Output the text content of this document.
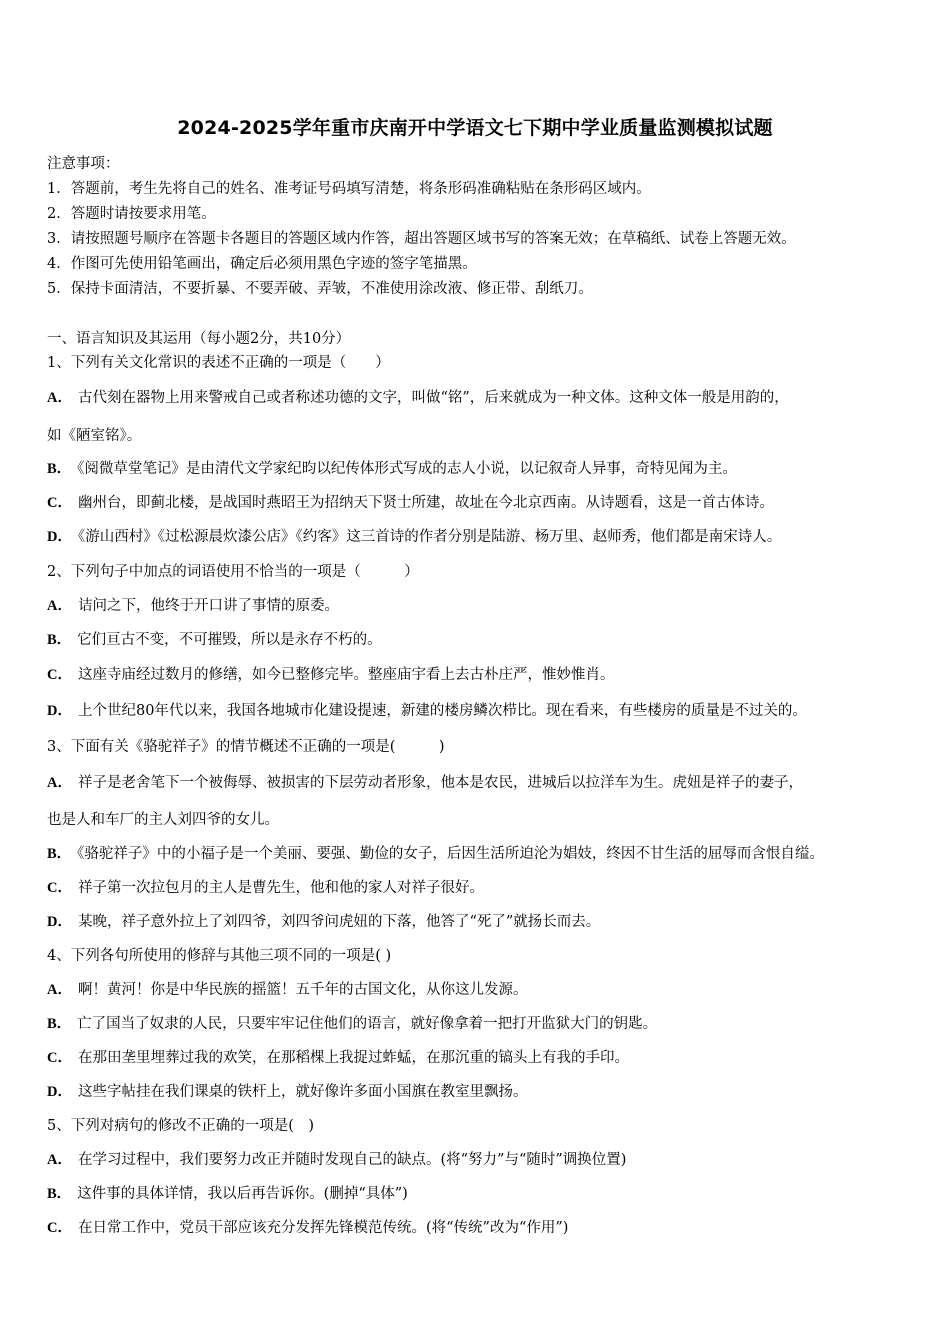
2024-2025学年重市庆南开中学语文七下期中学业质量监测模拟试题
注意事项：
1．答题前，考生先将自己的姓名、准考证号码填写清楚，将条形码准确粘贴在条形码区域内。
2．答题时请按要求用笔。
3．请按照题号顺序在答题卡各题目的答题区域内作答，超出答题区域书写的答案无效；在草稿纸、试卷上答题无效。
4．作图可先使用铅笔画出，确定后必须用黑色字迹的签字笔描黑。
5．保持卡面清洁，不要折暴、不要弄破、弄皱，不准使用涂改液、修正带、刮纸刀。
一、语言知识及其运用（每小题2分，共10分）
1、下列有关文化常识的表述不正确的一项是（　　）
A． 古代刻在器物上用来警戒自己或者称述功德的文字，叫做“铭”，后来就成为一种文体。这种文体一般是用韵的，
如《陋室铭》。
B． 《阅微草堂笔记》是由清代文学家纪昀以纪传体形式写成的志人小说，以记叙奇人异事，奇特见闻为主。
C． 幽州台，即蓟北楼，是战国时燕昭王为招纳天下贤士所建，故址在今北京西南。从诗题看，这是一首古体诗。
D． 《游山西村》《过松源晨炊漆公店》《约客》这三首诗的作者分别是陆游、杨万里、赵师秀，他们都是南宋诗人。
2、下列句子中加点的词语使用不恰当的一项是（　　　）
A． 诘问之下，他终于开口讲了事情的原委。
B． 它们亘古不变，不可摧毁，所以是永存不朽的。
C． 这座寺庙经过数月的修缮，如今已整修完毕。整座庙宇看上去古朴庄严，惟妙惟肖。
D． 上个世纪80年代以来，我国各地城市化建设提速，新建的楼房鳞次栉比。现在看来，有些楼房的质量是不过关的。
3、下面有关《骆驼祥子》的情节概述不正确的一项是(　　　)
A． 祥子是老舍笔下一个被侮辱、被损害的下层劳动者形象，他本是农民，进城后以拉洋车为生。虎妞是祥子的妻子，
也是人和车厂的主人刘四爷的女儿。
B． 《骆驼祥子》中的小福子是一个美丽、要强、勤俭的女子，后因生活所迫沦为娼妓，终因不甘生活的屈辱而含恨自缢。
C． 祥子第一次拉包月的主人是曹先生，他和他的家人对祥子很好。
D． 某晚，祥子意外拉上了刘四爷，刘四爷问虎妞的下落，他答了“死了”就扬长而去。
4、下列各句所使用的修辞与其他三项不同的一项是( )
A． 啊！黄河！你是中华民族的摇篮！五千年的古国文化，从你这儿发源。
B． 亡了国当了奴隶的人民，只要牢牢记住他们的语言，就好像拿着一把打开监狱大门的钥匙。
C． 在那田垄里埋葬过我的欢笑，在那稻棵上我捉过蚱蜢，在那沉重的镐头上有我的手印。
D． 这些字帖挂在我们课桌的铁杆上，就好像许多面小国旗在教室里飘扬。
5、下列对病句的修改不正确的一项是(　)
A． 在学习过程中，我们要努力改正并随时发现自己的缺点。(将“努力”与“随时”调换位置)
B． 这件事的具体详情，我以后再告诉你。(删掉“具体”)
C． 在日常工作中，党员干部应该充分发挥先锋模范传统。(将“传统”改为“作用”)
